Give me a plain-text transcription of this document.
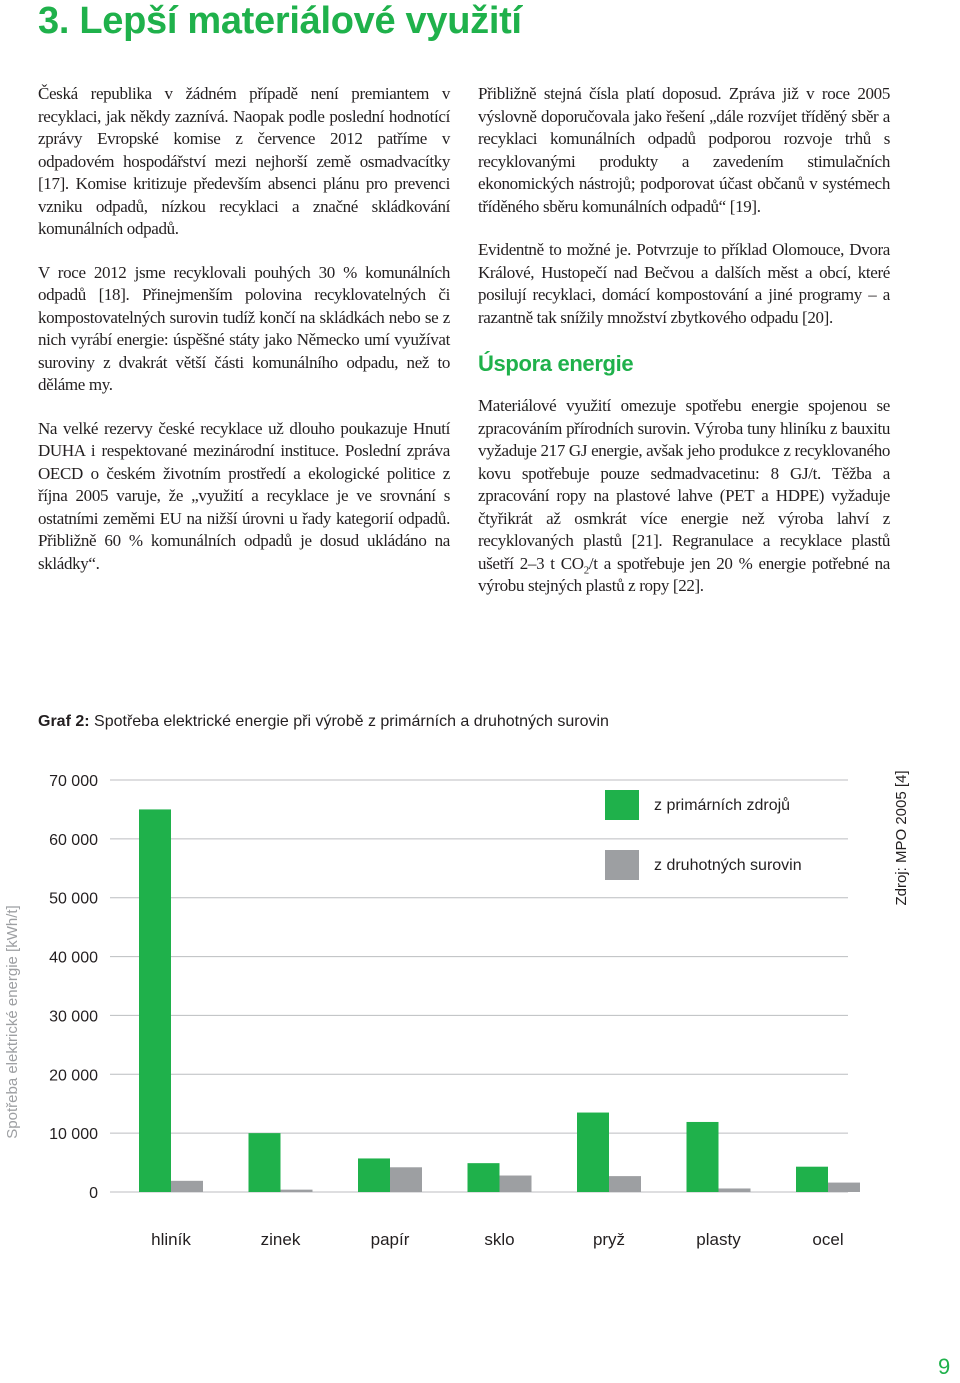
3. Lepší materiálové využití

Česká republika v žádném případě není premiantem v recyklaci, jak někdy zaznívá. Naopak podle poslední hodnotící zprávy Evropské komise z července 2012 patříme v odpadovém hospodářství mezi nejhorší země osmadvacítky [17]. Komise kritizuje především absenci plánu pro prevenci vzniku odpadů, nízkou recyklaci a značné skládkování komunálních odpadů.

V roce 2012 jsme recyklovali pouhých 30 % komunálních odpadů [18]. Přinejmenším polovina recyklovatelných či kompostovatelných surovin tudíž končí na skládkách nebo se z nich vyrábí energie: úspěšné státy jako Německo umí využívat suroviny z dvakrát větší části komunálního odpadu, než to děláme my.

Na velké rezervy české recyklace už dlouho poukazuje Hnutí DUHA i respektované mezinárodní instituce. Poslední zpráva OECD o českém životním prostředí a ekologické politice z října 2005 varuje, že „využití a recyklace je ve srovnání s ostatními zeměmi EU na nižší úrovni u řady kategorií odpadů. Přibližně 60 % komunálních odpadů je dosud ukládáno na skládky“.

Přibližně stejná čísla platí doposud. Zpráva již v roce 2005 výslovně doporučovala jako řešení „dále rozvíjet tříděný sběr a recyklaci komunálních odpadů podporou rozvoje trhů s recyklovanými produkty a zavedením stimulačních ekonomických nástrojů; podporovat účast občanů v systémech tříděného sběru komunálních odpadů“ [19].

Evidentně to možné je. Potvrzuje to příklad Olomouce, Dvora Králové, Hustopečí nad Bečvou a dalších měst a obcí, které posilují recyklaci, domácí kompostování a jiné programy – a razantně tak snížily množství zbytkového odpadu [20].

Úspora energie

Materiálové využití omezuje spotřebu energie spojenou se zpracováním přírodních surovin. Výroba tuny hliníku z bauxitu vyžaduje 217 GJ energie, avšak jeho produkce z recyklovaného kovu spotřebuje pouze sedmadvacetinu: 8 GJ/t. Těžba a zpracování ropy na plastové lahve (PET a HDPE) vyžaduje čtyřikrát až osmkrát více energie než výroba lahví z recyklovaných plastů [21]. Regranulace a recyklace plastů ušetří 2–3 t $CO_2/t$ a spotřebuje jen 20 % energie potřebné na výrobu stejných plastů z ropy [22].

Graf 2: Spotřeba elektrické energie při výrobě z primárních a druhotných surovin

0
10 000
20 000
30 000
40 000
50 000
60 000
70 000
Spotřeba elektrické energie [kWh/t]
hliník	zinek	papír	sklo	pryž	plasty	ocel
z primárních zdrojů
z druhotných surovin	Zdroj: MPO 2005 [4]
9
